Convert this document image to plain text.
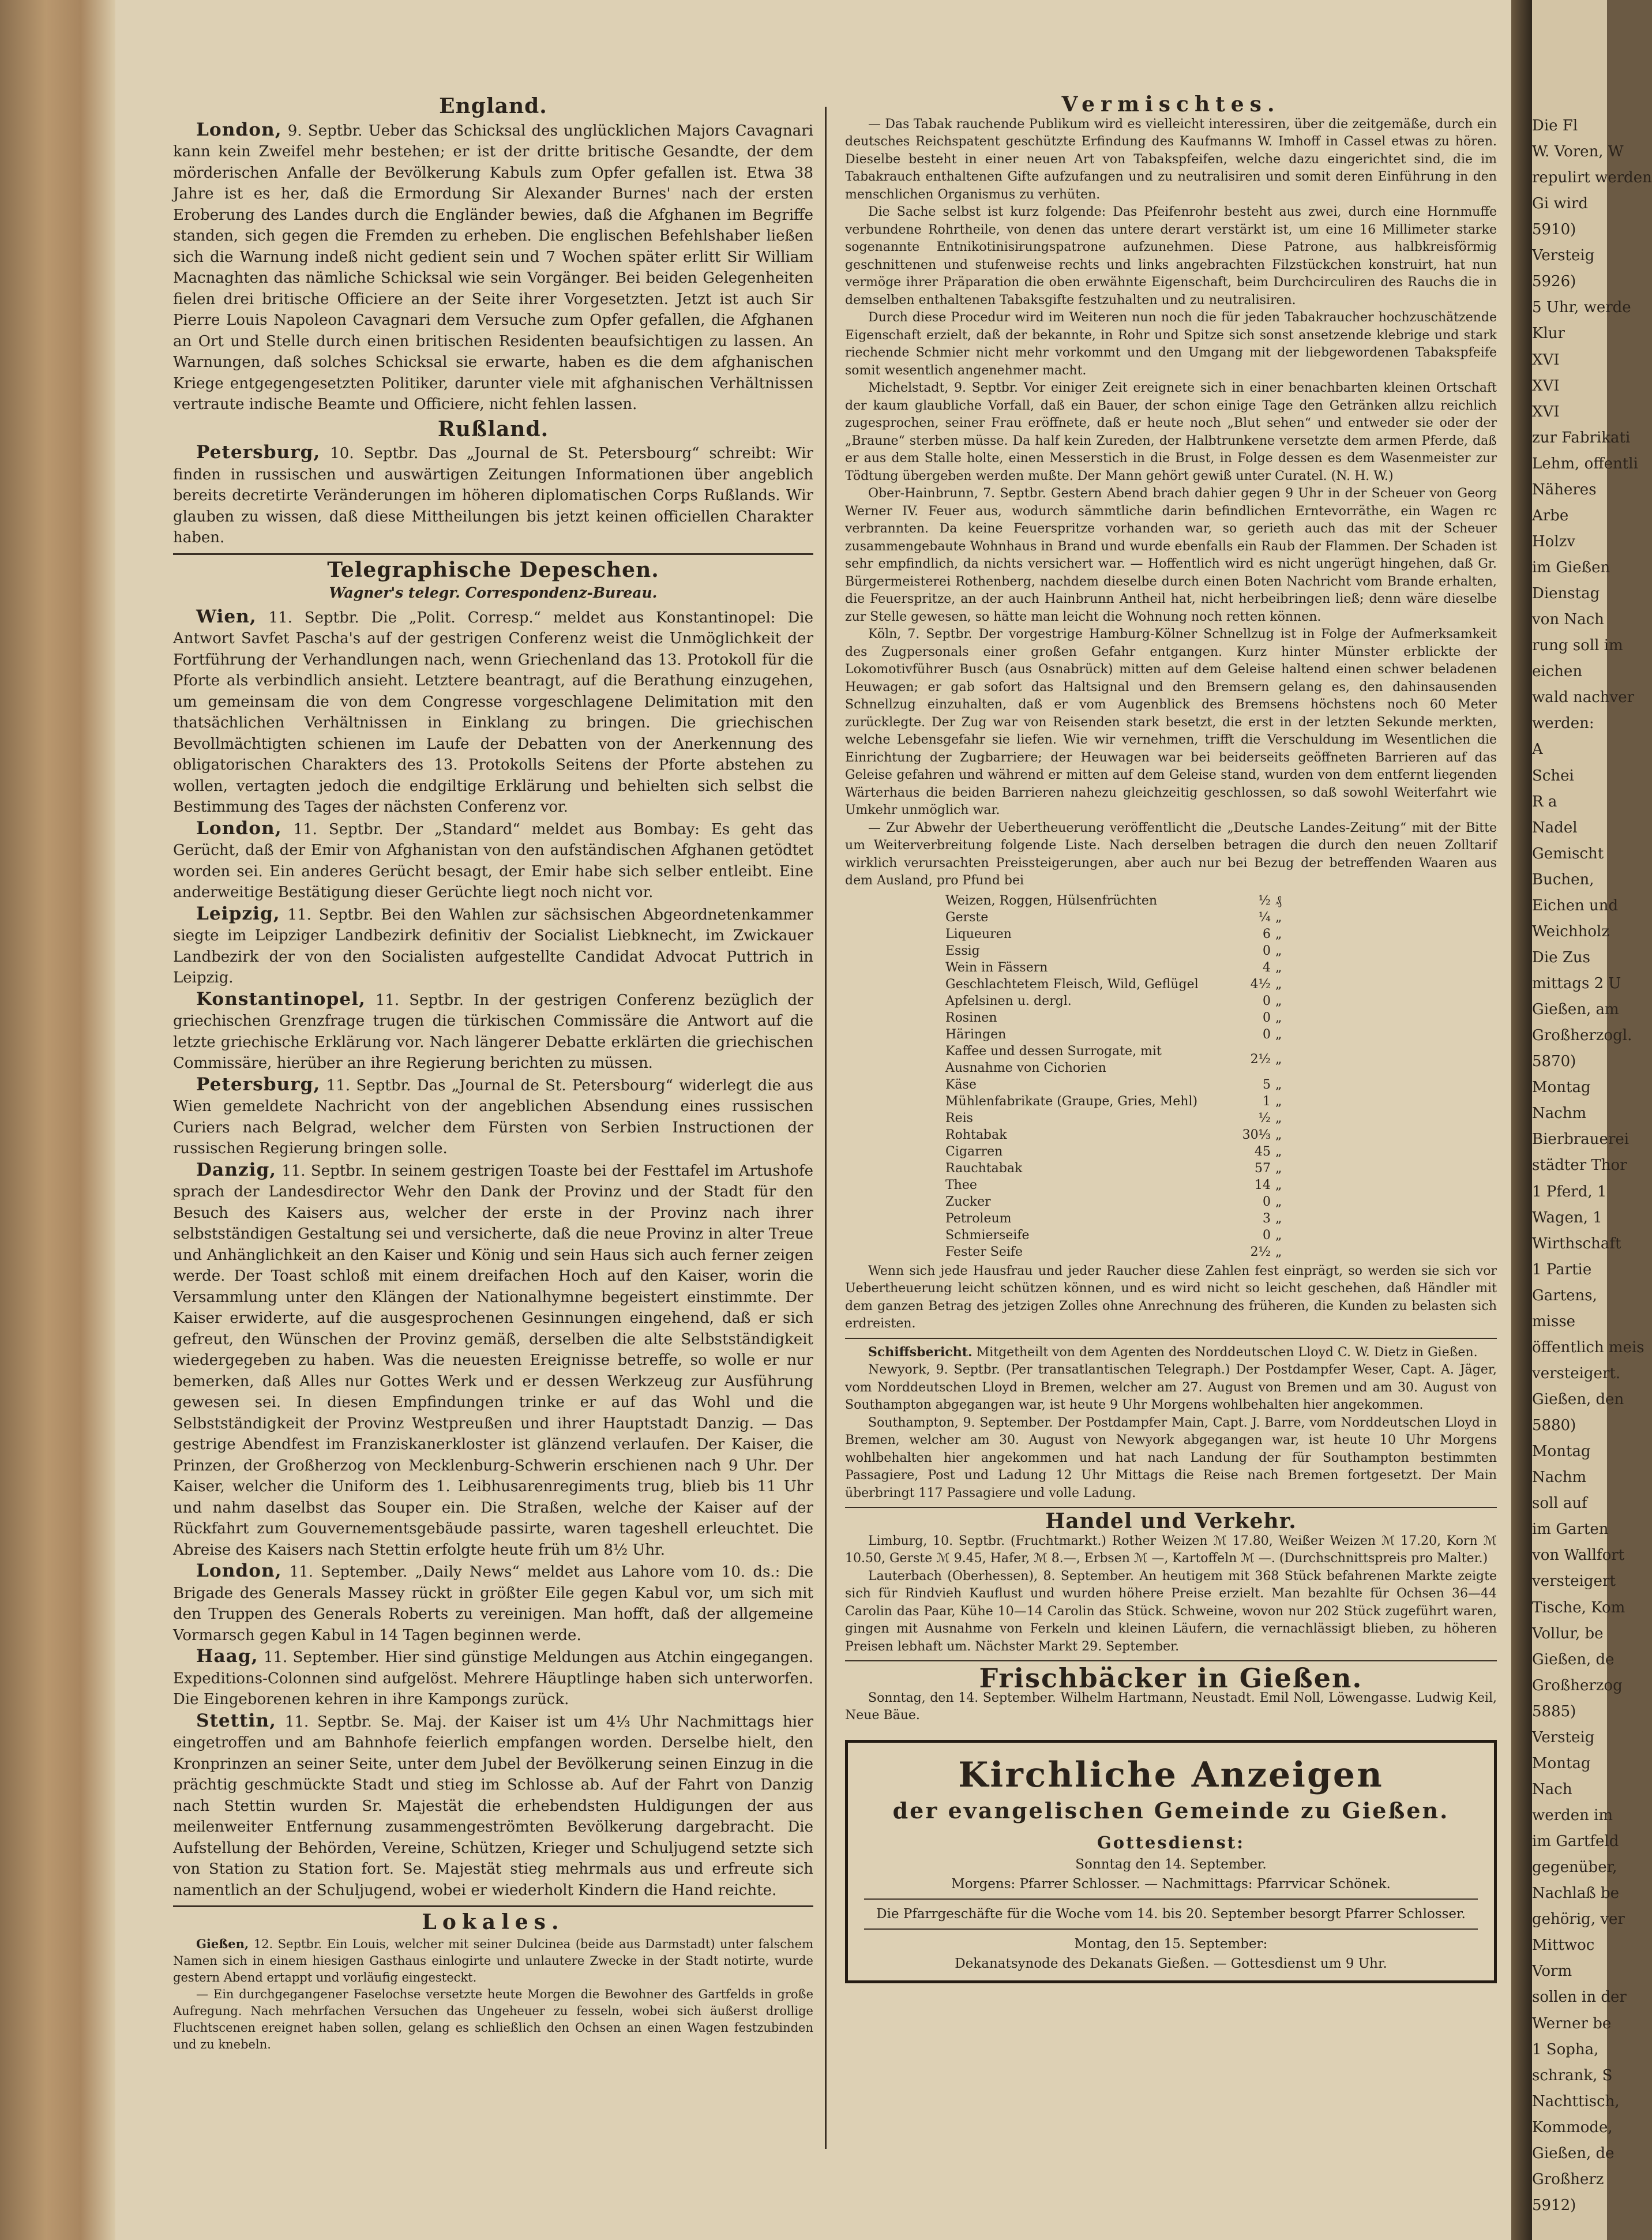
Die Fl
W. Voren, W
repulirt werden
Gi wird
5910)
Versteig
5926)
5 Uhr, werde
Klur
XVI
XVI
XVI
zur Fabrikati
Lehm, offentli
Näheres
Arbe
Holzv
im Gießen
Dienstag
von Nach
rung soll im
eichen
wald nachver
werden:
A
Schei
R a
Nadel
Gemischt
Buchen,
Eichen und
Weichholz
Die Zus
mittags 2 U
Gießen, am
Großherzogl.
5870)
Montag
Nachm
Bierbrauerei
städter Thor
1 Pferd, 1
Wagen, 1
Wirthschaft
1 Partie
Gartens,
misse
öffentlich meis
versteigert.
Gießen, den
5880)
Montag
Nachm
soll auf
im Garten
von Wallfort
versteigert
Tische, Kom
Vollur, be
Gießen, de
Großherzog
5885)
Versteig
Montag
Nach
werden im
im Gartfeld
gegenüber,
Nachlaß be
gehörig, ver
Mittwoc
Vorm
sollen in der
Werner be
1 Sopha,
schrank, S
Nachttisch,
Kommode,
Gießen, de
Großherz
5912)
England.

London, 9. Septbr. Ueber das Schicksal des unglücklichen Majors Cavagnari kann kein Zweifel mehr bestehen; er ist der dritte britische Gesandte, der dem mörderischen Anfalle der Bevölkerung Kabuls zum Opfer gefallen ist. Etwa 38 Jahre ist es her, daß die Ermordung Sir Alexander Burnes' nach der ersten Eroberung des Landes durch die Engländer bewies, daß die Afghanen im Begriffe standen, sich gegen die Fremden zu erheben. Die englischen Befehlshaber ließen sich die Warnung indeß nicht gedient sein und 7 Wochen später erlitt Sir William Macnaghten das nämliche Schicksal wie sein Vorgänger. Bei beiden Gelegenheiten fielen drei britische Officiere an der Seite ihrer Vorgesetzten. Jetzt ist auch Sir Pierre Louis Napoleon Cavagnari dem Versuche zum Opfer gefallen, die Afghanen an Ort und Stelle durch einen britischen Residenten beaufsichtigen zu lassen. An Warnungen, daß solches Schicksal sie erwarte, haben es die dem afghanischen Kriege entgegengesetzten Politiker, darunter viele mit afghanischen Verhältnissen vertraute indische Beamte und Officiere, nicht fehlen lassen.

Rußland.

Petersburg, 10. Septbr. Das „Journal de St. Petersbourg“ schreibt: Wir finden in russischen und auswärtigen Zeitungen Informationen über angeblich bereits decretirte Veränderungen im höheren diplomatischen Corps Rußlands. Wir glauben zu wissen, daß diese Mittheilungen bis jetzt keinen officiellen Charakter haben.

Telegraphische Depeschen.
Wagner's telegr. Correspondenz-Bureau.

Wien, 11. Septbr. Die „Polit. Corresp.“ meldet aus Konstantinopel: Die Antwort Savfet Pascha's auf der gestrigen Conferenz weist die Unmöglichkeit der Fortführung der Verhandlungen nach, wenn Griechenland das 13. Protokoll für die Pforte als verbindlich ansieht. Letztere beantragt, auf die Berathung einzugehen, um gemeinsam die von dem Congresse vorgeschlagene Delimitation mit den thatsächlichen Verhältnissen in Einklang zu bringen. Die griechischen Bevollmächtigten schienen im Laufe der Debatten von der Anerkennung des obligatorischen Charakters des 13. Protokolls Seitens der Pforte abstehen zu wollen, vertagten jedoch die endgiltige Erklärung und behielten sich selbst die Bestimmung des Tages der nächsten Conferenz vor.

London, 11. Septbr. Der „Standard“ meldet aus Bombay: Es geht das Gerücht, daß der Emir von Afghanistan von den aufständischen Afghanen getödtet worden sei. Ein anderes Gerücht besagt, der Emir habe sich selber entleibt. Eine anderweitige Bestätigung dieser Gerüchte liegt noch nicht vor.

Leipzig, 11. Septbr. Bei den Wahlen zur sächsischen Abgeordnetenkammer siegte im Leipziger Landbezirk definitiv der Socialist Liebknecht, im Zwickauer Landbezirk der von den Socialisten aufgestellte Candidat Advocat Puttrich in Leipzig.

Konstantinopel, 11. Septbr. In der gestrigen Conferenz bezüglich der griechischen Grenzfrage trugen die türkischen Commissäre die Antwort auf die letzte griechische Erklärung vor. Nach längerer Debatte erklärten die griechischen Commissäre, hierüber an ihre Regierung berichten zu müssen.

Petersburg, 11. Septbr. Das „Journal de St. Petersbourg“ widerlegt die aus Wien gemeldete Nachricht von der angeblichen Absendung eines russischen Curiers nach Belgrad, welcher dem Fürsten von Serbien Instructionen der russischen Regierung bringen solle.

Danzig, 11. Septbr. In seinem gestrigen Toaste bei der Festtafel im Artushofe sprach der Landesdirector Wehr den Dank der Provinz und der Stadt für den Besuch des Kaisers aus, welcher der erste in der Provinz nach ihrer selbstständigen Gestaltung sei und versicherte, daß die neue Provinz in alter Treue und Anhänglichkeit an den Kaiser und König und sein Haus sich auch ferner zeigen werde. Der Toast schloß mit einem dreifachen Hoch auf den Kaiser, worin die Versammlung unter den Klängen der Nationalhymne begeistert einstimmte. Der Kaiser erwiderte, auf die ausgesprochenen Gesinnungen eingehend, daß er sich gefreut, den Wünschen der Provinz gemäß, derselben die alte Selbstständigkeit wiedergegeben zu haben. Was die neuesten Ereignisse betreffe, so wolle er nur bemerken, daß Alles nur Gottes Werk und er dessen Werkzeug zur Ausführung gewesen sei. In diesen Empfindungen trinke er auf das Wohl und die Selbstständigkeit der Provinz Westpreußen und ihrer Hauptstadt Danzig. — Das gestrige Abendfest im Franziskanerkloster ist glänzend verlaufen. Der Kaiser, die Prinzen, der Großherzog von Mecklenburg-Schwerin erschienen nach 9 Uhr. Der Kaiser, welcher die Uniform des 1. Leibhusarenregiments trug, blieb bis 11 Uhr und nahm daselbst das Souper ein. Die Straßen, welche der Kaiser auf der Rückfahrt zum Gouvernementsgebäude passirte, waren tageshell erleuchtet. Die Abreise des Kaisers nach Stettin erfolgte heute früh um 8½ Uhr.

London, 11. September. „Daily News“ meldet aus Lahore vom 10. ds.: Die Brigade des Generals Massey rückt in größter Eile gegen Kabul vor, um sich mit den Truppen des Generals Roberts zu vereinigen. Man hofft, daß der allgemeine Vormarsch gegen Kabul in 14 Tagen beginnen werde.

Haag, 11. September. Hier sind günstige Meldungen aus Atchin eingegangen. Expeditions-Colonnen sind aufgelöst. Mehrere Häuptlinge haben sich unterworfen. Die Eingeborenen kehren in ihre Kampongs zurück.

Stettin, 11. Septbr. Se. Maj. der Kaiser ist um 4⅓ Uhr Nachmittags hier eingetroffen und am Bahnhofe feierlich empfangen worden. Derselbe hielt, den Kronprinzen an seiner Seite, unter dem Jubel der Bevölkerung seinen Einzug in die prächtig geschmückte Stadt und stieg im Schlosse ab. Auf der Fahrt von Danzig nach Stettin wurden Sr. Majestät die erhebendsten Huldigungen der aus meilenweiter Entfernung zusammengeströmten Bevölkerung dargebracht. Die Aufstellung der Behörden, Vereine, Schützen, Krieger und Schuljugend setzte sich von Station zu Station fort. Se. Majestät stieg mehrmals aus und erfreute sich namentlich an der Schuljugend, wobei er wiederholt Kindern die Hand reichte.

Lokales.

Gießen, 12. Septbr. Ein Louis, welcher mit seiner Dulcinea (beide aus Darmstadt) unter falschem Namen sich in einem hiesigen Gasthaus einlogirte und unlautere Zwecke in der Stadt notirte, wurde gestern Abend ertappt und vorläufig eingesteckt.

— Ein durchgegangener Faselochse versetzte heute Morgen die Bewohner des Gartfelds in große Aufregung. Nach mehrfachen Versuchen das Ungeheuer zu fesseln, wobei sich äußerst drollige Fluchtscenen ereignet haben sollen, gelang es schließlich den Ochsen an einen Wagen festzubinden und zu knebeln.

Vermischtes.

— Das Tabak rauchende Publikum wird es vielleicht interessiren, über die zeitgemäße, durch ein deutsches Reichspatent geschützte Erfindung des Kaufmanns W. Imhoff in Cassel etwas zu hören. Dieselbe besteht in einer neuen Art von Tabakspfeifen, welche dazu eingerichtet sind, die im Tabakrauch enthaltenen Gifte aufzufangen und zu neutralisiren und somit deren Einführung in den menschlichen Organismus zu verhüten.

Die Sache selbst ist kurz folgende: Das Pfeifenrohr besteht aus zwei, durch eine Hornmuffe verbundene Rohrtheile, von denen das untere derart verstärkt ist, um eine 16 Millimeter starke sogenannte Entnikotinisirungspatrone aufzunehmen. Diese Patrone, aus halbkreisförmig geschnittenen und stufenweise rechts und links angebrachten Filzstückchen konstruirt, hat nun vermöge ihrer Präparation die oben erwähnte Eigenschaft, beim Durchcirculiren des Rauchs die in demselben enthaltenen Tabaksgifte festzuhalten und zu neutralisiren.

Durch diese Procedur wird im Weiteren nun noch die für jeden Tabakraucher hochzuschätzende Eigenschaft erzielt, daß der bekannte, in Rohr und Spitze sich sonst ansetzende klebrige und stark riechende Schmier nicht mehr vorkommt und den Umgang mit der liebgewordenen Tabakspfeife somit wesentlich angenehmer macht.

Michelstadt, 9. Septbr. Vor einiger Zeit ereignete sich in einer benachbarten kleinen Ortschaft der kaum glaubliche Vorfall, daß ein Bauer, der schon einige Tage den Getränken allzu reichlich zugesprochen, seiner Frau eröffnete, daß er heute noch „Blut sehen“ und entweder sie oder der „Braune“ sterben müsse. Da half kein Zureden, der Halbtrunkene versetzte dem armen Pferde, daß er aus dem Stalle holte, einen Messerstich in die Brust, in Folge dessen es dem Wasenmeister zur Tödtung übergeben werden mußte. Der Mann gehört gewiß unter Curatel. (N. H. W.)

Ober-Hainbrunn, 7. Septbr. Gestern Abend brach dahier gegen 9 Uhr in der Scheuer von Georg Werner IV. Feuer aus, wodurch sämmtliche darin befindlichen Erntevorräthe, ein Wagen rc verbrannten. Da keine Feuerspritze vorhanden war, so gerieth auch das mit der Scheuer zusammengebaute Wohnhaus in Brand und wurde ebenfalls ein Raub der Flammen. Der Schaden ist sehr empfindlich, da nichts versichert war. — Hoffentlich wird es nicht ungerügt hingehen, daß Gr. Bürgermeisterei Rothenberg, nachdem dieselbe durch einen Boten Nachricht vom Brande erhalten, die Feuerspritze, an der auch Hainbrunn Antheil hat, nicht herbeibringen ließ; denn wäre dieselbe zur Stelle gewesen, so hätte man leicht die Wohnung noch retten können.

Köln, 7. Septbr. Der vorgestrige Hamburg-Kölner Schnellzug ist in Folge der Aufmerksamkeit des Zugpersonals einer großen Gefahr entgangen. Kurz hinter Münster erblickte der Lokomotivführer Busch (aus Osnabrück) mitten auf dem Geleise haltend einen schwer beladenen Heuwagen; er gab sofort das Haltsignal und den Bremsern gelang es, den dahinsausenden Schnellzug einzuhalten, daß er vom Augenblick des Bremsens höchstens noch 60 Meter zurücklegte. Der Zug war von Reisenden stark besetzt, die erst in der letzten Sekunde merkten, welche Lebensgefahr sie liefen. Wie wir vernehmen, trifft die Verschuldung im Wesentlichen die Einrichtung der Zugbarriere; der Heuwagen war bei beiderseits geöffneten Barrieren auf das Geleise gefahren und während er mitten auf dem Geleise stand, wurden von dem entfernt liegenden Wärterhaus die beiden Barrieren nahezu gleichzeitig geschlossen, so daß sowohl Weiterfahrt wie Umkehr unmöglich war.

— Zur Abwehr der Uebertheuerung veröffentlicht die „Deutsche Landes-Zeitung“ mit der Bitte um Weiterverbreitung folgende Liste. Nach derselben betragen die durch den neuen Zolltarif wirklich verursachten Preissteigerungen, aber auch nur bei Bezug der betreffenden Waaren aus dem Ausland, pro Pfund bei

Weizen, Roggen, Hülsenfrüchten	½	₰
Gerste	¼	„
Liqueuren	6	„
Essig	0	„
Wein in Fässern	4	„
Geschlachtetem Fleisch, Wild, Geflügel	4½	„
Apfelsinen u. dergl.	0	„
Rosinen	0	„
Häringen	0	„
Kaffee und dessen Surrogate, mit Ausnahme von Cichorien	2½	„
Käse	5	„
Mühlenfabrikate (Graupe, Gries, Mehl)	1	„
Reis	½	„
Rohtabak	30⅓	„
Cigarren	45	„
Rauchtabak	57	„
Thee	14	„
Zucker	0	„
Petroleum	3	„
Schmierseife	0	„
Fester Seife	2½	„

Wenn sich jede Hausfrau und jeder Raucher diese Zahlen fest einprägt, so werden sie sich vor Uebertheuerung leicht schützen können, und es wird nicht so leicht geschehen, daß Händler mit dem ganzen Betrag des jetzigen Zolles ohne Anrechnung des früheren, die Kunden zu belasten sich erdreisten.

Schiffsbericht. Mitgetheilt von dem Agenten des Norddeutschen Lloyd C. W. Dietz in Gießen.

Newyork, 9. Septbr. (Per transatlantischen Telegraph.) Der Postdampfer Weser, Capt. A. Jäger, vom Norddeutschen Lloyd in Bremen, welcher am 27. August von Bremen und am 30. August von Southampton abgegangen war, ist heute 9 Uhr Morgens wohlbehalten hier angekommen.

Southampton, 9. September. Der Postdampfer Main, Capt. J. Barre, vom Norddeutschen Lloyd in Bremen, welcher am 30. August von Newyork abgegangen war, ist heute 10 Uhr Morgens wohlbehalten hier angekommen und hat nach Landung der für Southampton bestimmten Passagiere, Post und Ladung 12 Uhr Mittags die Reise nach Bremen fortgesetzt. Der Main überbringt 117 Passagiere und volle Ladung.

Handel und Verkehr.

Limburg, 10. Septbr. (Fruchtmarkt.) Rother Weizen ℳ 17.80, Weißer Weizen ℳ 17.20, Korn ℳ 10.50, Gerste ℳ 9.45, Hafer, ℳ 8.—, Erbsen ℳ —, Kartoffeln ℳ —. (Durchschnittspreis pro Malter.)

Lauterbach (Oberhessen), 8. September. An heutigem mit 368 Stück befahrenen Markte zeigte sich für Rindvieh Kauflust und wurden höhere Preise erzielt. Man bezahlte für Ochsen 36—44 Carolin das Paar, Kühe 10—14 Carolin das Stück. Schweine, wovon nur 202 Stück zugeführt waren, gingen mit Ausnahme von Ferkeln und kleinen Läufern, die vernachlässigt blieben, zu höheren Preisen lebhaft um. Nächster Markt 29. September.

Frischbäcker in Gießen.

Sonntag, den 14. September. Wilhelm Hartmann, Neustadt. Emil Noll, Löwengasse. Ludwig Keil, Neue Bäue.

Kirchliche Anzeigen
der evangelischen Gemeinde zu Gießen.
Gottesdienst:
Sonntag den 14. September.
Morgens: Pfarrer Schlosser. — Nachmittags: Pfarrvicar Schönek.
Die Pfarrgeschäfte für die Woche vom 14. bis 20. September besorgt Pfarrer Schlosser.
Montag, den 15. September:
Dekanatsynode des Dekanats Gießen. — Gottesdienst um 9 Uhr.
